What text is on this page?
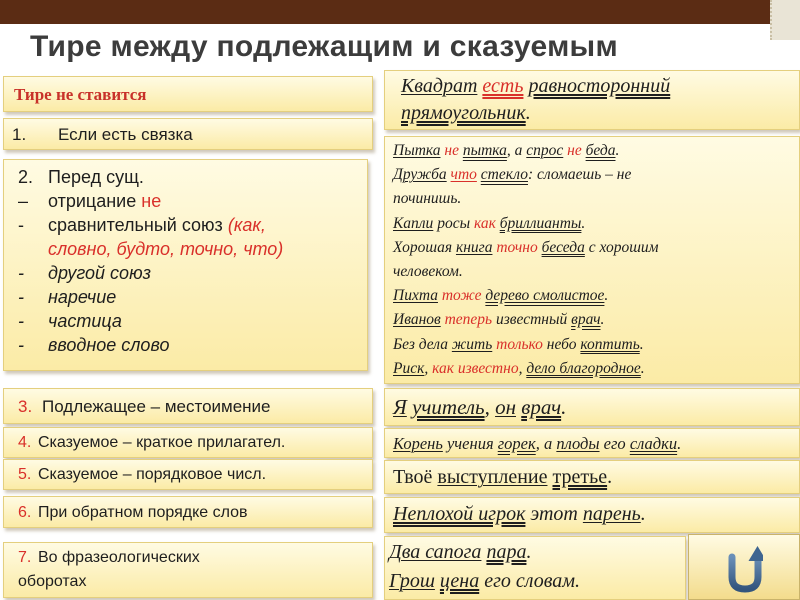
Тире между подлежащим и сказуемым
Тире не ставится
1. Если есть связка
2. Перед сущ.
– отрицание не
- сравнительный союз (как,
словно, будто, точно, что)
- другой союз
- наречие
- частица
- вводное слово
3. Подлежащее – местоимение
4. Сказуемое – краткое прилагател.
5. Сказуемое – порядковое числ.
6. При обратном порядке слов
7. Во фразеологических
оборотах
Квадрат есть равносторонний
прямоугольник.
Пытка не пытка, а спрос не беда.
Дружба что стекло: сломаешь – не
починишь.
Капли росы как бриллианты.
Хорошая книга точно беседа с хорошим
человеком.
Пихта тоже дерево смолистое.
Иванов теперь известный врач.
Без дела жить только небо коптить.
Риск, как известно, дело благородное.
Я учитель, он врач.
Корень учения горек, а плоды его сладки.
Твоё выступление третье.
Неплохой игрок этот парень.
Два сапога пара.
Грош цена его словам.
